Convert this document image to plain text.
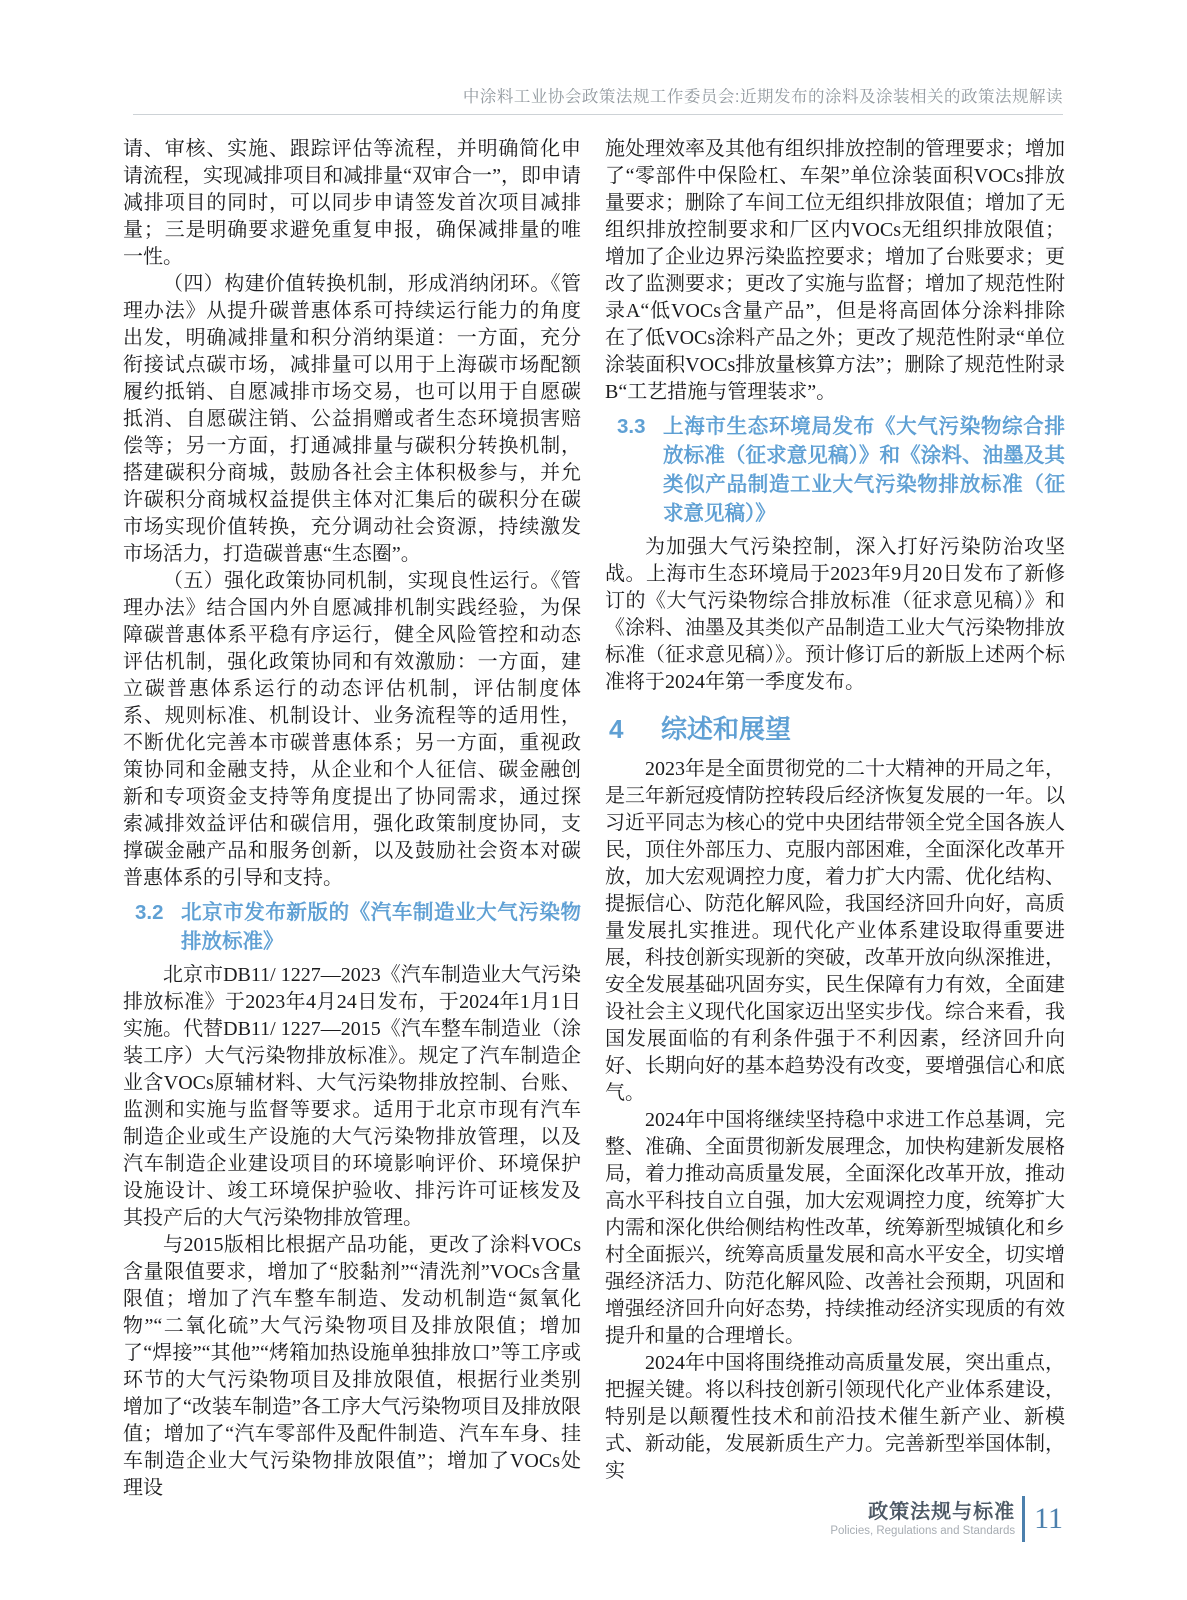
中涂料工业协会政策法规工作委员会:近期发布的涂料及涂装相关的政策法规解读

请、审核、实施、跟踪评估等流程，并明确简化申请流程，实现减排项目和减排量“双审合一”，即申请减排项目的同时，可以同步申请签发首次项目减排量；三是明确要求避免重复申报，确保减排量的唯一性。

（四）构建价值转换机制，形成消纳闭环。《管理办法》从提升碳普惠体系可持续运行能力的角度出发，明确减排量和积分消纳渠道：一方面，充分衔接试点碳市场，减排量可以用于上海碳市场配额履约抵销、自愿减排市场交易，也可以用于自愿碳抵消、自愿碳注销、公益捐赠或者生态环境损害赔偿等；另一方面，打通减排量与碳积分转换机制，搭建碳积分商城，鼓励各社会主体积极参与，并允许碳积分商城权益提供主体对汇集后的碳积分在碳市场实现价值转换，充分调动社会资源，持续激发市场活力，打造碳普惠“生态圈”。

（五）强化政策协同机制，实现良性运行。《管理办法》结合国内外自愿减排机制实践经验，为保障碳普惠体系平稳有序运行，健全风险管控和动态评估机制，强化政策协同和有效激励：一方面，建立碳普惠体系运行的动态评估机制，评估制度体系、规则标准、机制设计、业务流程等的适用性，不断优化完善本市碳普惠体系；另一方面，重视政策协同和金融支持，从企业和个人征信、碳金融创新和专项资金支持等角度提出了协同需求，通过探索减排效益评估和碳信用，强化政策制度协同，支撑碳金融产品和服务创新，以及鼓励社会资本对碳普惠体系的引导和支持。

3.2 北京市发布新版的《汽车制造业大气污染物排放标准》

北京市DB11/ 1227—2023《汽车制造业大气污染排放标准》于2023年4月24日发布，于2024年1月1日实施。代替DB11/ 1227—2015《汽车整车制造业（涂装工序）大气污染物排放标准》。规定了汽车制造企业含VOCs原辅材料、大气污染物排放控制、台账、监测和实施与监督等要求。适用于北京市现有汽车制造企业或生产设施的大气污染物排放管理，以及汽车制造企业建设项目的环境影响评价、环境保护设施设计、竣工环境保护验收、排污许可证核发及其投产后的大气污染物排放管理。

与2015版相比根据产品功能，更改了涂料VOCs含量限值要求，增加了“胶黏剂”“清洗剂”VOCs含量限值；增加了汽车整车制造、发动机制造“氮氧化物”“二氧化硫”大气污染物项目及排放限值；增加了“焊接”“其他”“烤箱加热设施单独排放口”等工序或环节的大气污染物项目及排放限值，根据行业类别增加了“改装车制造”各工序大气污染物项目及排放限值；增加了“汽车零部件及配件制造、汽车车身、挂车制造企业大气污染物排放限值”；增加了VOCs处理设

施处理效率及其他有组织排放控制的管理要求；增加了“零部件中保险杠、车架”单位涂装面积VOCs排放量要求；删除了车间工位无组织排放限值；增加了无组织排放控制要求和厂区内VOCs无组织排放限值；增加了企业边界污染监控要求；增加了台账要求；更改了监测要求；更改了实施与监督；增加了规范性附录A“低VOCs含量产品”，但是将高固体分涂料排除在了低VOCs涂料产品之外；更改了规范性附录“单位涂装面积VOCs排放量核算方法”；删除了规范性附录B“工艺措施与管理装求”。

3.3 上海市生态环境局发布《大气污染物综合排放标准（征求意见稿）》和《涂料、油墨及其类似产品制造工业大气污染物排放标准（征求意见稿）》

为加强大气污染控制，深入打好污染防治攻坚战。上海市生态环境局于2023年9月20日发布了新修订的《大气污染物综合排放标准（征求意见稿）》和《涂料、油墨及其类似产品制造工业大气污染物排放标准（征求意见稿）》。预计修订后的新版上述两个标准将于2024年第一季度发布。

4	综述和展望

2023年是全面贯彻党的二十大精神的开局之年，是三年新冠疫情防控转段后经济恢复发展的一年。以习近平同志为核心的党中央团结带领全党全国各族人民，顶住外部压力、克服内部困难，全面深化改革开放，加大宏观调控力度，着力扩大内需、优化结构、提振信心、防范化解风险，我国经济回升向好，高质量发展扎实推进。现代化产业体系建设取得重要进展，科技创新实现新的突破，改革开放向纵深推进，安全发展基础巩固夯实，民生保障有力有效，全面建设社会主义现代化国家迈出坚实步伐。综合来看，我国发展面临的有利条件强于不利因素，经济回升向好、长期向好的基本趋势没有改变，要增强信心和底气。

2024年中国将继续坚持稳中求进工作总基调，完整、准确、全面贯彻新发展理念，加快构建新发展格局，着力推动高质量发展，全面深化改革开放，推动高水平科技自立自强，加大宏观调控力度，统筹扩大内需和深化供给侧结构性改革，统筹新型城镇化和乡村全面振兴，统筹高质量发展和高水平安全，切实增强经济活力、防范化解风险、改善社会预期，巩固和增强经济回升向好态势，持续推动经济实现质的有效提升和量的合理增长。

2024年中国将围绕推动高质量发展，突出重点，把握关键。将以科技创新引领现代化产业体系建设，特别是以颠覆性技术和前沿技术催生新产业、新模式、新动能，发展新质生产力。完善新型举国体制，实

政策法规与标准
Policies, Regulations and Standards 11
